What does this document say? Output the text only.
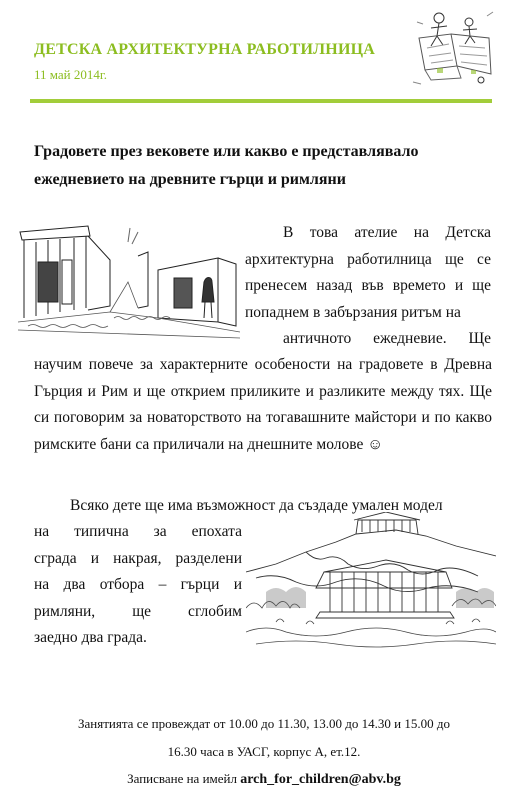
ДЕТСКА АРХИТЕКТУРНА РАБОТИЛНИЦА
11 май 2014г.
Градовете през вековете или какво е представлявало
ежедневието на древните гърци и римляни
В това ателие на Детска архитектурна работилница ще се пренесем назад във времето и ще попаднем в забързания ритъм на
античното ежедневие. Ще
научим повече за характерните особености на градовете в Древна Гърция и Рим и ще открием приликите и разликите между тях. Ще си поговорим за новаторството на тогавашните майстори и по какво римските бани са приличали на днешните молове ☺
Всяко дете ще има възможност да създаде умален модел
на типична за епохата
сграда и накрая, разделени
на два отбора – гърци и
римляни, ще сглобим
заедно два града.
Занятията се провеждат от 10.00 до 11.30, 13.00 до 14.30 и 15.00 до
16.30 часа в УАСГ, корпус А, ет.12.
Записване на имейл arch_for_children@abv.bg
